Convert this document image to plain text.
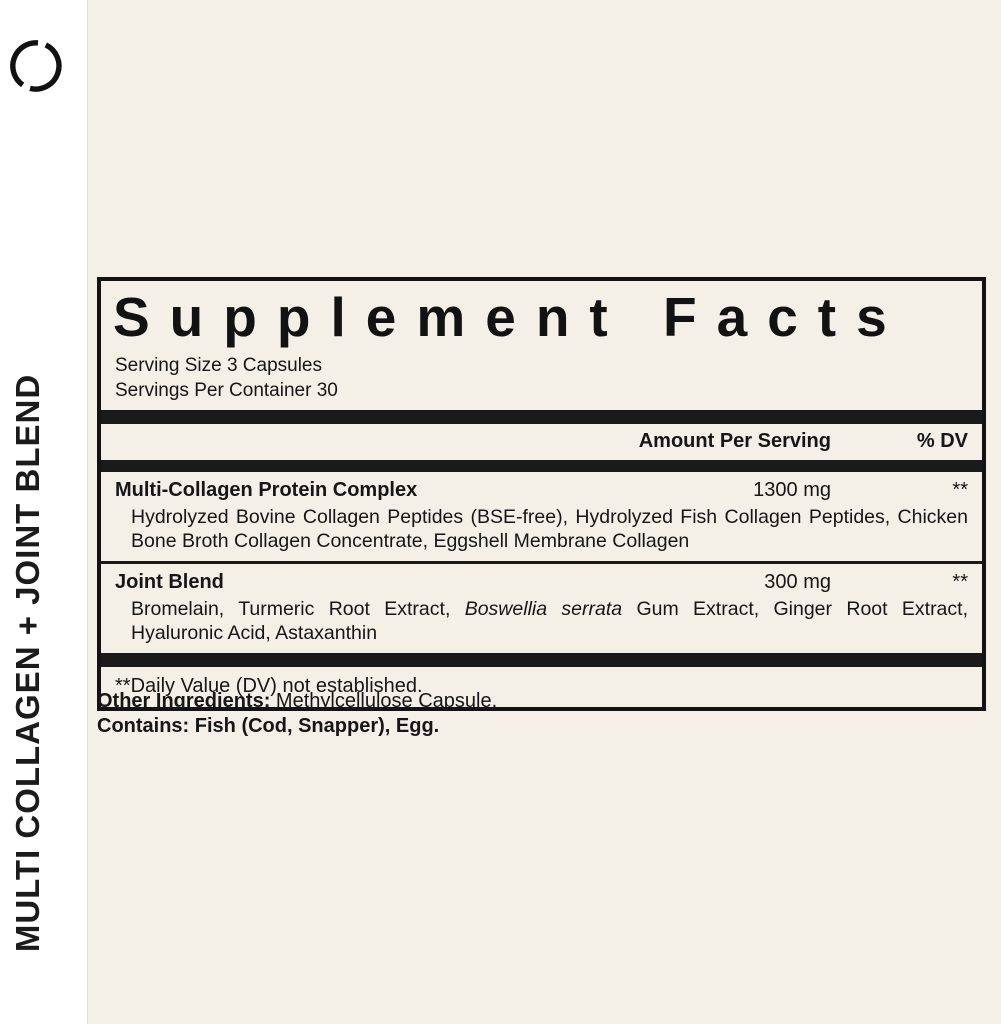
MULTI COLLAGEN + JOINT BLEND
Supplement Facts
Serving Size 3 Capsules
Servings Per Container 30
Amount Per Serving	% DV
Multi-Collagen Protein Complex	1300 mg	**
Hydrolyzed Bovine Collagen Peptides (BSE-free), Hydrolyzed Fish Collagen Peptides, Chicken Bone Broth Collagen Concentrate, Eggshell Membrane Collagen
Joint Blend	300 mg	**
Bromelain, Turmeric Root Extract, Boswellia serrata Gum Extract, Ginger Root Extract, Hyaluronic Acid, Astaxanthin
**Daily Value (DV) not established.
Other Ingredients: Methylcellulose Capsule.
Contains: Fish (Cod, Snapper), Egg.
